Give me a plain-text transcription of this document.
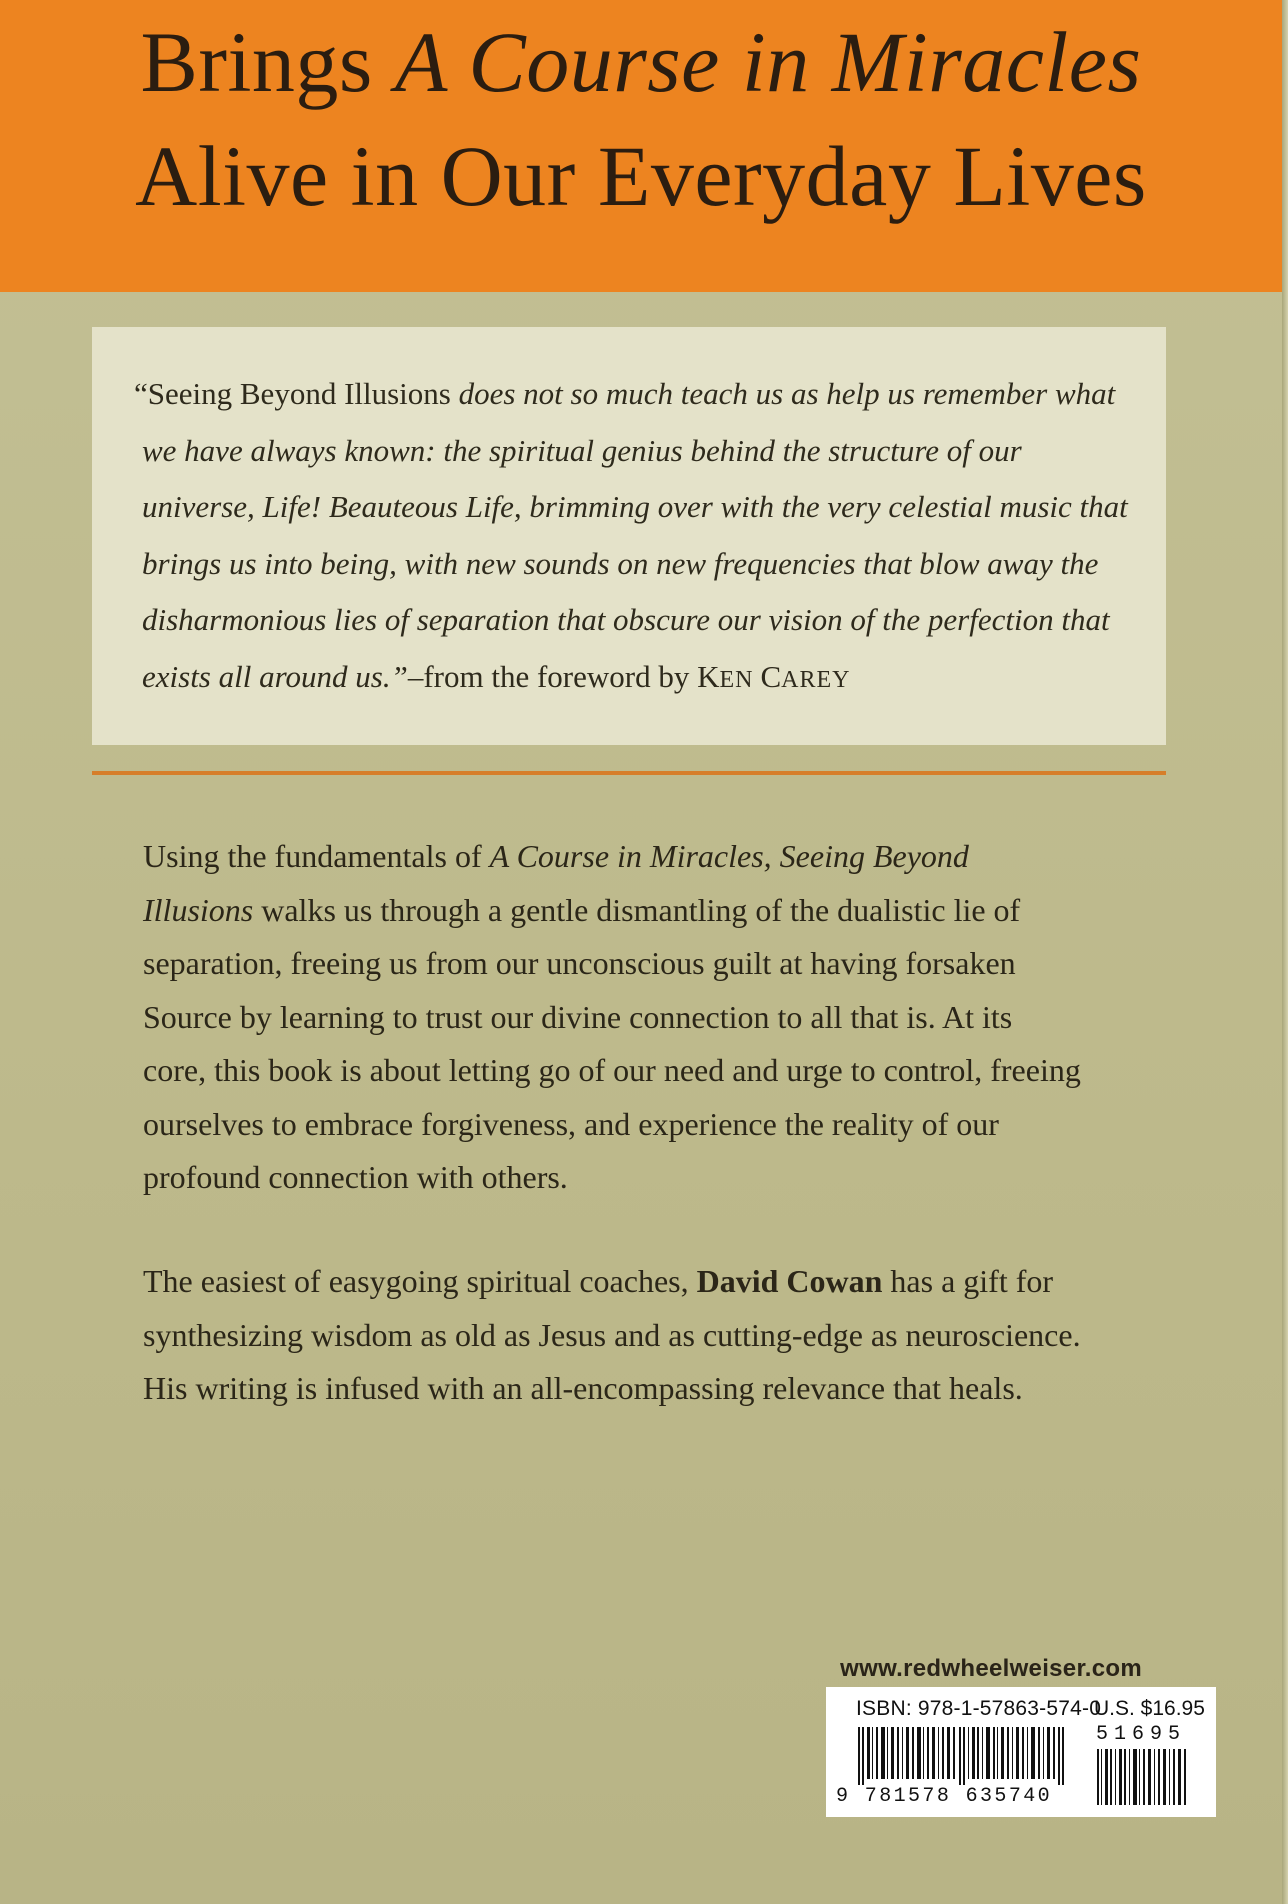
Brings A Course in Miracles
Alive in Our Everyday Lives
“Seeing Beyond Illusions does not so much teach us as help us remember what we have always known: the spiritual genius behind the structure of our universe, Life! Beauteous Life, brimming over with the very celestial music that brings us into being, with new sounds on new frequencies that blow away the disharmonious lies of separation that obscure our vision of the perfection that exists all around us.”–from the foreword by KEN CAREY
Using the fundamentals of A Course in Miracles, Seeing Beyond Illusions walks us through a gentle dismantling of the dualistic lie of separation, freeing us from our unconscious guilt at having forsaken Source by learning to trust our divine connection to all that is. At its core, this book is about letting go of our need and urge to control, freeing ourselves to embrace forgiveness, and experience the reality of our profound connection with others.
The easiest of easygoing spiritual coaches, David Cowan has a gift for synthesizing wisdom as old as Jesus and as cutting-edge as neuroscience. His writing is infused with an all-encompassing relevance that heals.
www.redwheelweiser.com
ISBN: 978-1-57863-574-0
U.S. $16.95
51695
9 781578 635740
